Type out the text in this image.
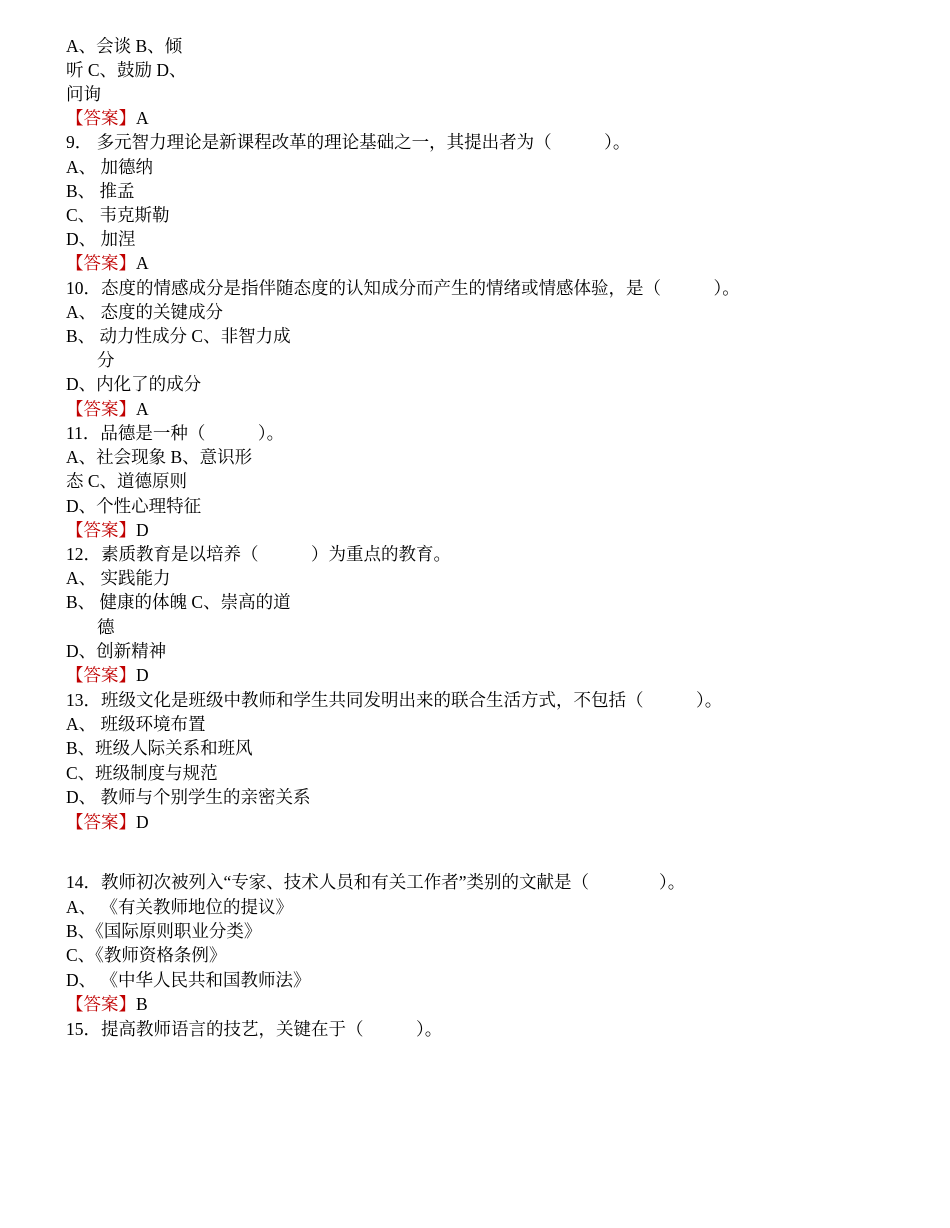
A、会谈 B、倾
听 C、鼓励 D、
问询
【答案】A
9． 多元智力理论是新课程改革的理论基础之一，其提出者为（　　　）。
A、 加德纳
B、 推孟
C、 韦克斯勒
D、 加涅
【答案】A
10．态度的情感成分是指伴随态度的认知成分而产生的情绪或情感体验，是（　　　）。
A、 态度的关键成分
B、 动力性成分 C、非智力成
分
D、内化了的成分
【答案】A
11．品德是一种（　　　）。
A、社会现象 B、意识形
态 C、道德原则
D、个性心理特征
【答案】D
12．素质教育是以培养（　　　）为重点的教育。
A、 实践能力
B、 健康的体魄 C、崇高的道
德
D、创新精神
【答案】D
13．班级文化是班级中教师和学生共同发明出来的联合生活方式，不包括（　　　）。
A、 班级环境布置
B、班级人际关系和班风
C、班级制度与规范
D、 教师与个别学生的亲密关系
【答案】D
14．教师初次被列入“专家、技术人员和有关工作者”类别的文献是（　　　　）。
A、 《有关教师地位的提议》
B、《国际原则职业分类》
C、《教师资格条例》
D、 《中华人民共和国教师法》
【答案】B
15．提高教师语言的技艺，关键在于（　　　）。
